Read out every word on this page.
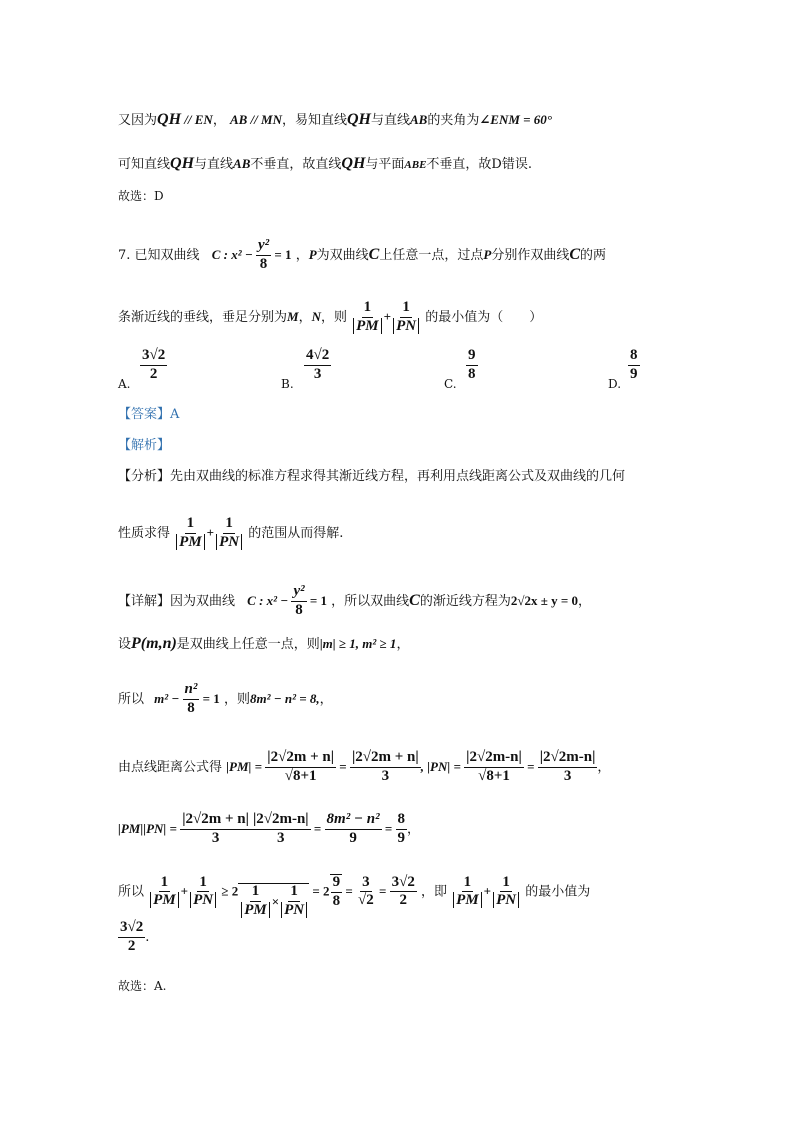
又因为QH // EN， AB // MN，易知直线QH与直线AB的夹角为∠ENM = 60°
可知直线QH与直线AB不垂直，故直线QH与平面ABE不垂直，故D错误.
故选：D
7. 已知双曲线 C : $x^2 - \frac{\text{y²}}{8} = 1$ ，P为双曲线C上任意一点，过点P分别作双曲线C的两
条渐近线的垂线，垂足分别为M，N，则 $\frac{1}{PM} + \frac{1}{PN}$ 的最小值为（　　）
A.
$\frac{3√2}{2}$
B.
$\frac{4√2}{3}$
C.
$\frac{9}{8}$
D.
$\frac{8}{9}$
【答案】A
【解析】
【分析】先由双曲线的标准方程求得其渐近线方程，再利用点线距离公式及双曲线的几何
性质求得 $\frac{1}{PM} + \frac{1}{PN}$ 的范围从而得解.
【详解】因为双曲线 C : $x^2 - \frac{\text{y²}}{8} = 1$ ，所以双曲线C的渐近线方程为2√2x ± y = 0，
设P(m,n)是双曲线上任意一点，则|m| ≥ 1, m² ≥ 1，
所以 $m^2 - \frac{\text{n²}}{8} = 1$ ，则8m² − n² = 8,，
由点线距离公式得 $|PM| = \frac{|2√2m + n|}{√8+1} = \frac{|2√2m + n|}{3}$ , $|PN| = \frac{|2√2m-n|}{√8+1} = \frac{|2√2m-n|}{3}$ ，
$|PM||PN| = \frac{|2√2m + n|}{3} \frac{|2√2m-n|}{3} = \frac{\text{8m² − n²}}{9} = \frac{8}{9}$ ，
所以 $\frac{1}{PM} + \frac{1}{PN} \ge 2 \frac{1}{PM} \times \frac{1}{PN} = 2 \frac{9}{8} = \frac{3}{√2} = \frac{3√2}{2}$ ，即 $\frac{1}{PM} + \frac{1}{PN}$ 的最小值为
$\frac{3√2}{2}$ .
故选：A.
